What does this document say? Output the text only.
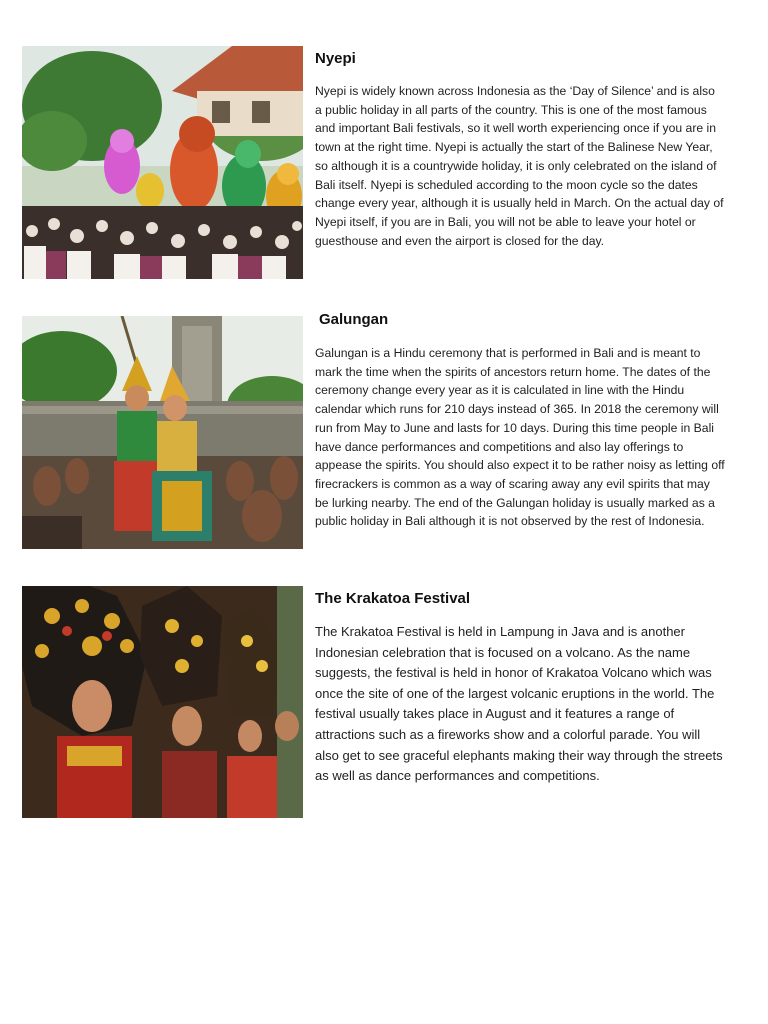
Nyepi

Nyepi is widely known across Indonesia as the ‘Day of Silence’ and is also a public holiday in all parts of the country. This is one of the most famous and important Bali festivals, so it well worth experiencing once if you are in town at the right time. Nyepi is actually the start of the Balinese New Year, so although it is a countrywide holiday, it is only celebrated on the island of Bali itself. Nyepi is scheduled according to the moon cycle so the dates change every year, although it is usually held in March. On the actual day of Nyepi itself, if you are in Bali, you will not be able to leave your hotel or guesthouse and even the airport is closed for the day.

Galungan

Galungan is a Hindu ceremony that is performed in Bali and is meant to mark the time when the spirits of ancestors return home. The dates of the ceremony change every year as it is calculated in line with the Hindu calendar which runs for 210 days instead of 365. In 2018 the ceremony will run from May to June and lasts for 10 days. During this time people in Bali have dance performances and competitions and also lay offerings to appease the spirits. You should also expect it to be rather noisy as letting off firecrackers is common as a way of scaring away any evil spirits that may be lurking nearby. The end of the Galungan holiday is usually marked as a public holiday in Bali although it is not observed by the rest of Indonesia.

The Krakatoa Festival

The Krakatoa Festival is held in Lampung in Java and is another Indonesian celebration that is focused on a volcano. As the name suggests, the festival is held in honor of Krakatoa Volcano which was once the site of one of the largest volcanic eruptions in the world. The festival usually takes place in August and it features a range of attractions such as a fireworks show and a colorful parade. You will also get to see graceful elephants making their way through the streets as well as dance performances and competitions.
